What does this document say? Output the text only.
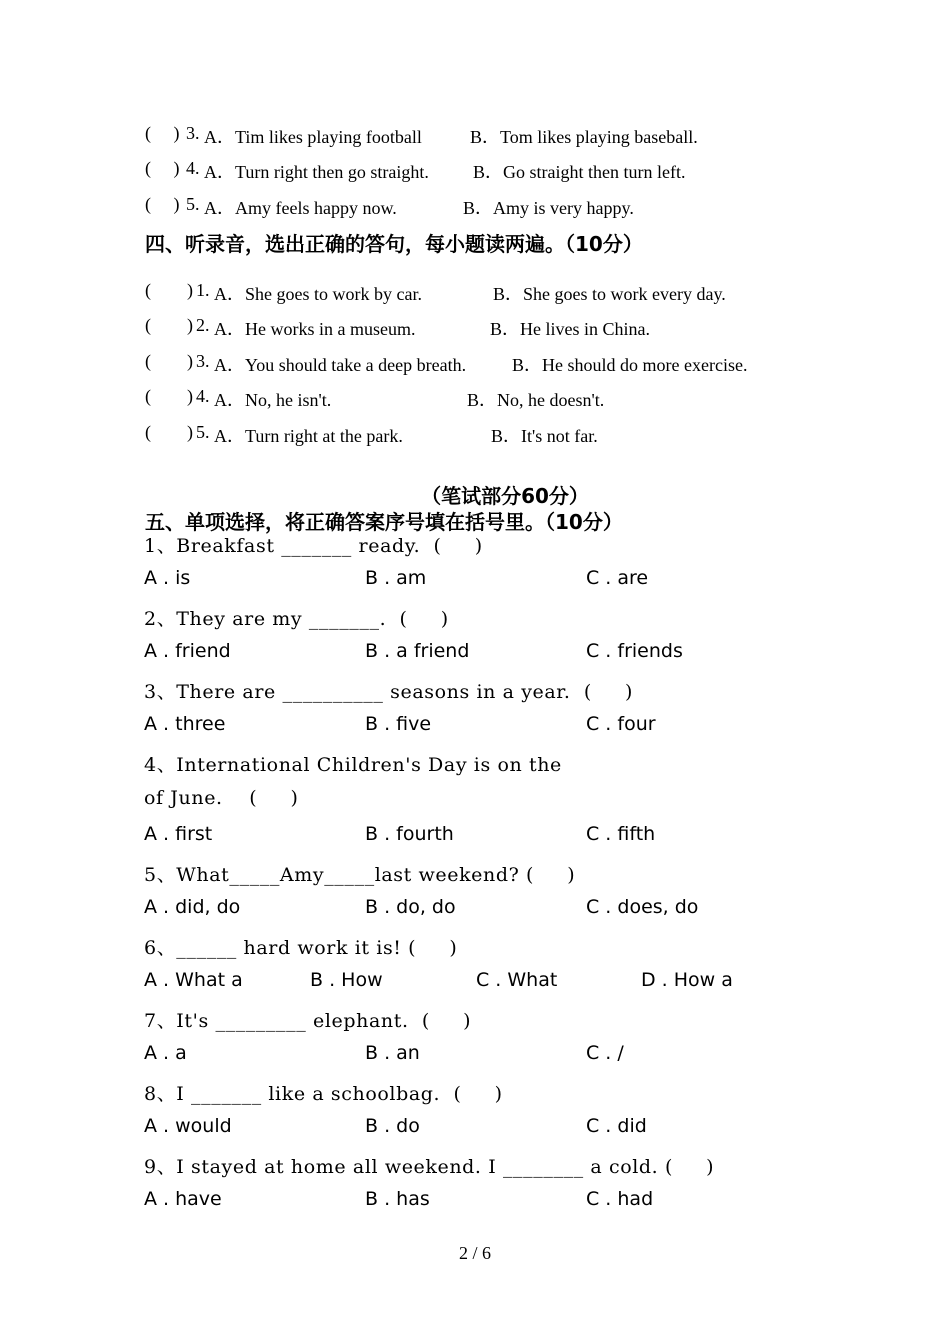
(     )

3.

A．Tim likes playing football

	B．Tom likes playing baseball.

(     )

4.

A．Turn right then go straight.

B．Go straight then turn left.

(     )

5.

A．Amy feels happy now.

	B．Amy is very happy.

四、听录音，选出正确的答句，每小题读两遍。（10分）

(        )

1.

A．She goes to work by car.

	B．She goes to work every day.

(        )

2.

A．He works in a museum.

	B．He lives in China.

(        )

3.

A．You should take a deep breath.

	B．He should do more exercise.

(        )

4.

A．No, he isn't.

	B．No, he doesn't.

(        )

5.

A．Turn right at the park.

	B．It's not far.

（笔试部分60分）
五、单项选择，将正确答案序号填在括号里。（10分）
1、Breakfast _______ ready.  (     )

A . is

	B . am

	C . are

2、They are my _______.  (     )

A . friend

	B . a friend

	C . friends

3、There are __________ seasons in a year.  (     )

A . three

	B . five

	C . four

4、International Children's Day is on the
of June.    (     )

A . first

	B . fourth

	C . fifth

5、What_____Amy_____last weekend? (     )

A . did, do

	B . do, do

	C . does, do

6、______ hard work it is! (     )

A . What a

	B . How

	C . What

	D . How a

7、It's _________ elephant.  (     )

A . a

	B . an

	C . /

8、I _______ like a schoolbag.  (     )

A . would

	B . do

	C . did

9、I stayed at home all weekend. I ________ a cold. (     )

A . have

	B . has

	C . had

2 / 6
